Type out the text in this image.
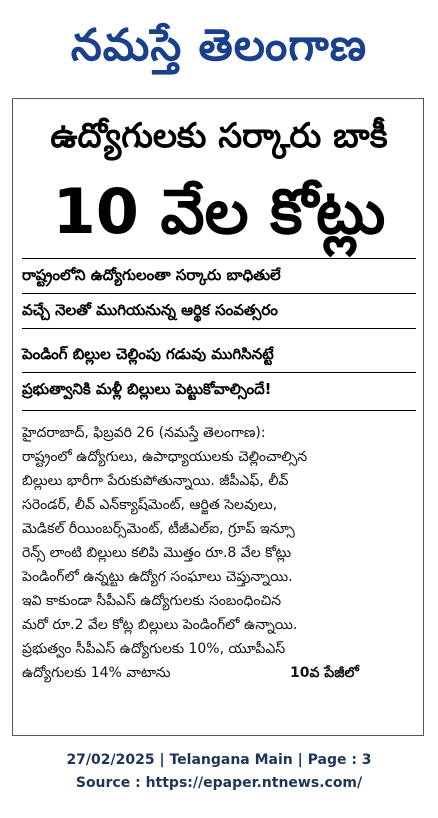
నమస్తే తెలంగాణ
ఉద్యోగులకు సర్కారు బాకీ
10 వేల కోట్లు
రాష్ట్రంలోని ఉద్యోగులంతా సర్కారు బాధితులే
వచ్చే నెలతో ముగియనున్న ఆర్థిక సంవత్సరం
పెండింగ్ బిల్లుల చెల్లింపు గడువు ముగిసినట్టే
ప్రభుత్వానికి మళ్లీ బిల్లులు పెట్టుకోవాల్సిందే!
హైదరాబాద్, ఫిబ్రవరి 26 (నమస్తే తెలంగాణ):
రాష్ట్రంలో ఉద్యోగులు, ఉపాధ్యాయులకు చెల్లించాల్సిన
బిల్లులు భారీగా పేరుకుపోతున్నాయి. జీపీఎఫ్, లీవ్
సరెండర్, లీవ్ ఎన్‌క్యాష్‌మెంట్, ఆర్జిత సెలవులు,
మెడికల్ రీయింబర్స్‌మెంట్, టీజీఎల్ఐ, గ్రూప్ ఇన్సూ
రెన్స్ లాంటి బిల్లులు కలిపి మొత్తం రూ.8 వేల కోట్లు
పెండింగ్‌లో ఉన్నట్టు ఉద్యోగ సంఘాలు చెప్తున్నాయి.
ఇవి కాకుండా సీపీఎస్ ఉద్యోగులకు సంబంధించిన
మరో రూ.2 వేల కోట్ల బిల్లులు పెండింగ్‌లో ఉన్నాయి.
ప్రభుత్వం సీపీఎస్ ఉద్యోగులకు 10%, యూపీఎస్
ఉద్యోగులకు 14% వాటాను	10వ పేజీలో
27/02/2025 | Telangana Main | Page : 3
Source : https://epaper.ntnews.com/
